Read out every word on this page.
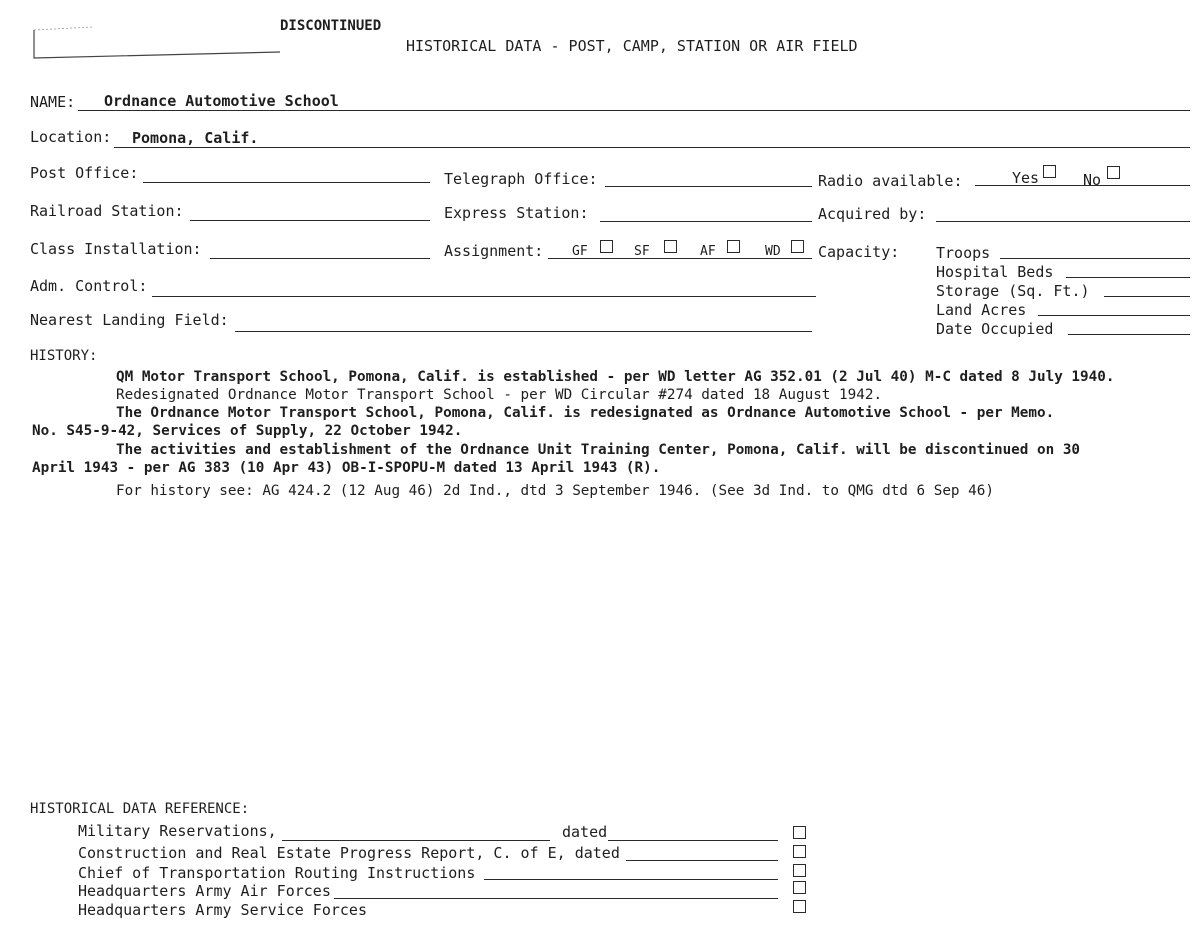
DISCONTINUED
HISTORICAL DATA - POST, CAMP, STATION OR AIR FIELD
NAME: Ordnance Automotive School
Location: Pomona, Calif.
Post Office:	Telegraph Office:	Radio available:	Yes	No
Railroad Station:	Express Station:	Acquired by:
Class Installation:	Assignment: GF	SF	AF	WD Capacity: Troops
Hospital Beds
Storage (Sq. Ft.)
Land Acres
Date Occupied
Adm. Control:
Nearest Landing Field:
HISTORY:
QM Motor Transport School, Pomona, Calif. is established - per WD letter AG 352.01 (2 Jul 40) M-C dated 8 July 1940.
Redesignated Ordnance Motor Transport School - per WD Circular #274 dated 18 August 1942.
The Ordnance Motor Transport School, Pomona, Calif. is redesignated as Ordnance Automotive School - per Memo.
No. S45-9-42, Services of Supply, 22 October 1942.
The activities and establishment of the Ordnance Unit Training Center, Pomona, Calif. will be discontinued on 30
April 1943 - per AG 383 (10 Apr 43) OB-I-SPOPU-M dated 13 April 1943 (R).
For history see: AG 424.2 (12 Aug 46) 2d Ind., dtd 3 September 1946. (See 3d Ind. to QMG dtd 6 Sep 46)
HISTORICAL DATA REFERENCE:
Military Reservations,	dated
Construction and Real Estate Progress Report, C. of E, dated
Chief of Transportation Routing Instructions
Headquarters Army Air Forces
Headquarters Army Service Forces
